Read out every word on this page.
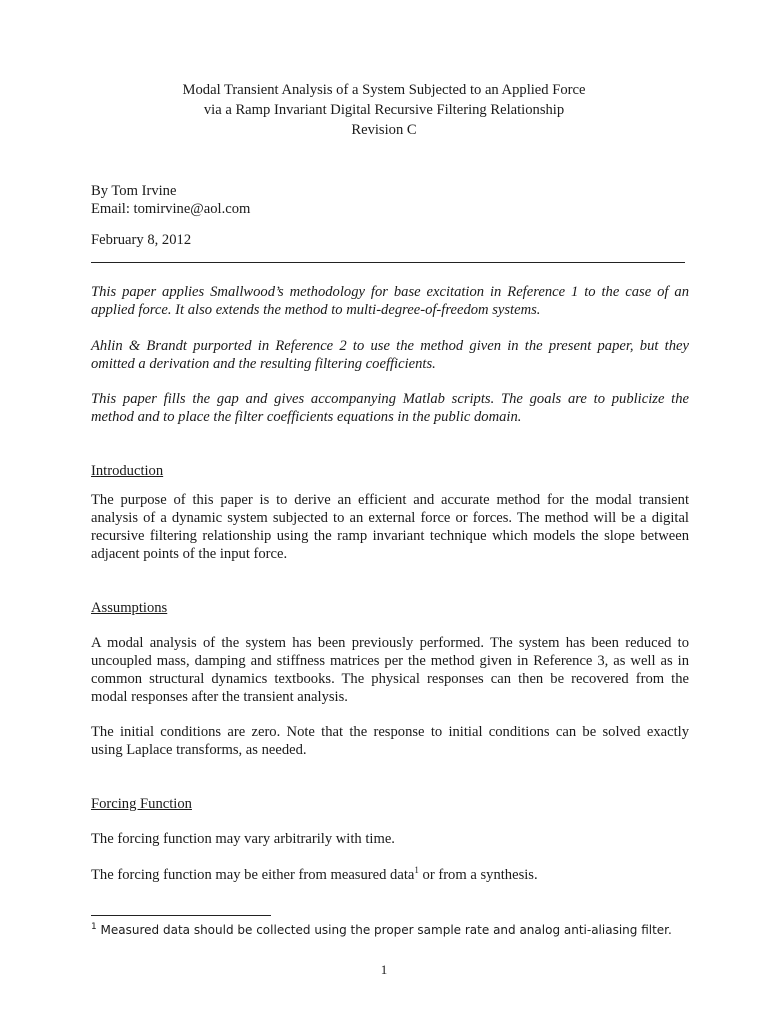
Modal Transient Analysis of a System Subjected to an Applied Force
via a Ramp Invariant Digital Recursive Filtering Relationship
Revision C
By Tom Irvine
Email: tomirvine@aol.com
February 8, 2012
This paper applies Smallwood’s methodology for base excitation in Reference 1 to the case of an
applied force. It also extends the method to multi-degree-of-freedom systems.
Ahlin & Brandt purported in Reference 2 to use the method given in the present paper, but they
omitted a derivation and the resulting filtering coefficients.
This paper fills the gap and gives accompanying Matlab scripts. The goals are to publicize the
method and to place the filter coefficients equations in the public domain.
Introduction
The purpose of this paper is to derive an efficient and accurate method for the modal transient
analysis of a dynamic system subjected to an external force or forces. The method will be a digital
recursive filtering relationship using the ramp invariant technique which models the slope between
adjacent points of the input force.
Assumptions
A modal analysis of the system has been previously performed. The system has been reduced to
uncoupled mass, damping and stiffness matrices per the method given in Reference 3, as well as in
common structural dynamics textbooks. The physical responses can then be recovered from the
modal responses after the transient analysis.
The initial conditions are zero. Note that the response to initial conditions can be solved exactly
using Laplace transforms, as needed.
Forcing Function
The forcing function may vary arbitrarily with time.
The forcing function may be either from measured data$^1$ or from a synthesis.
$^1$ Measured data should be collected using the proper sample rate and analog anti-aliasing filter.
1
